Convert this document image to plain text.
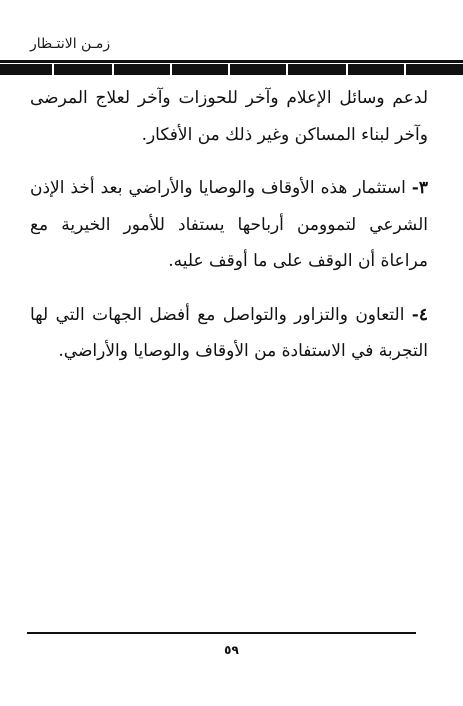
زمـن الانتـظار

لدعم وسائل الإعلام وآخر للحوزات وآخر لعلاج المرضى وآخر لبناء المساكن وغير ذلك من الأفكار.

٣- استثمار هذه الأوقاف والوصايا والأراضي بعد أخذ الإذن الشرعي لتموومن أرباحها يستفاد للأمور الخيرية مع مراعاة أن الوقف على ما أوقف عليه.

٤- التعاون والتزاور والتواصل مع أفضل الجهات التي لها التجربة في الاستفادة من الأوقاف والوصايا والأراضي.

٥٩
